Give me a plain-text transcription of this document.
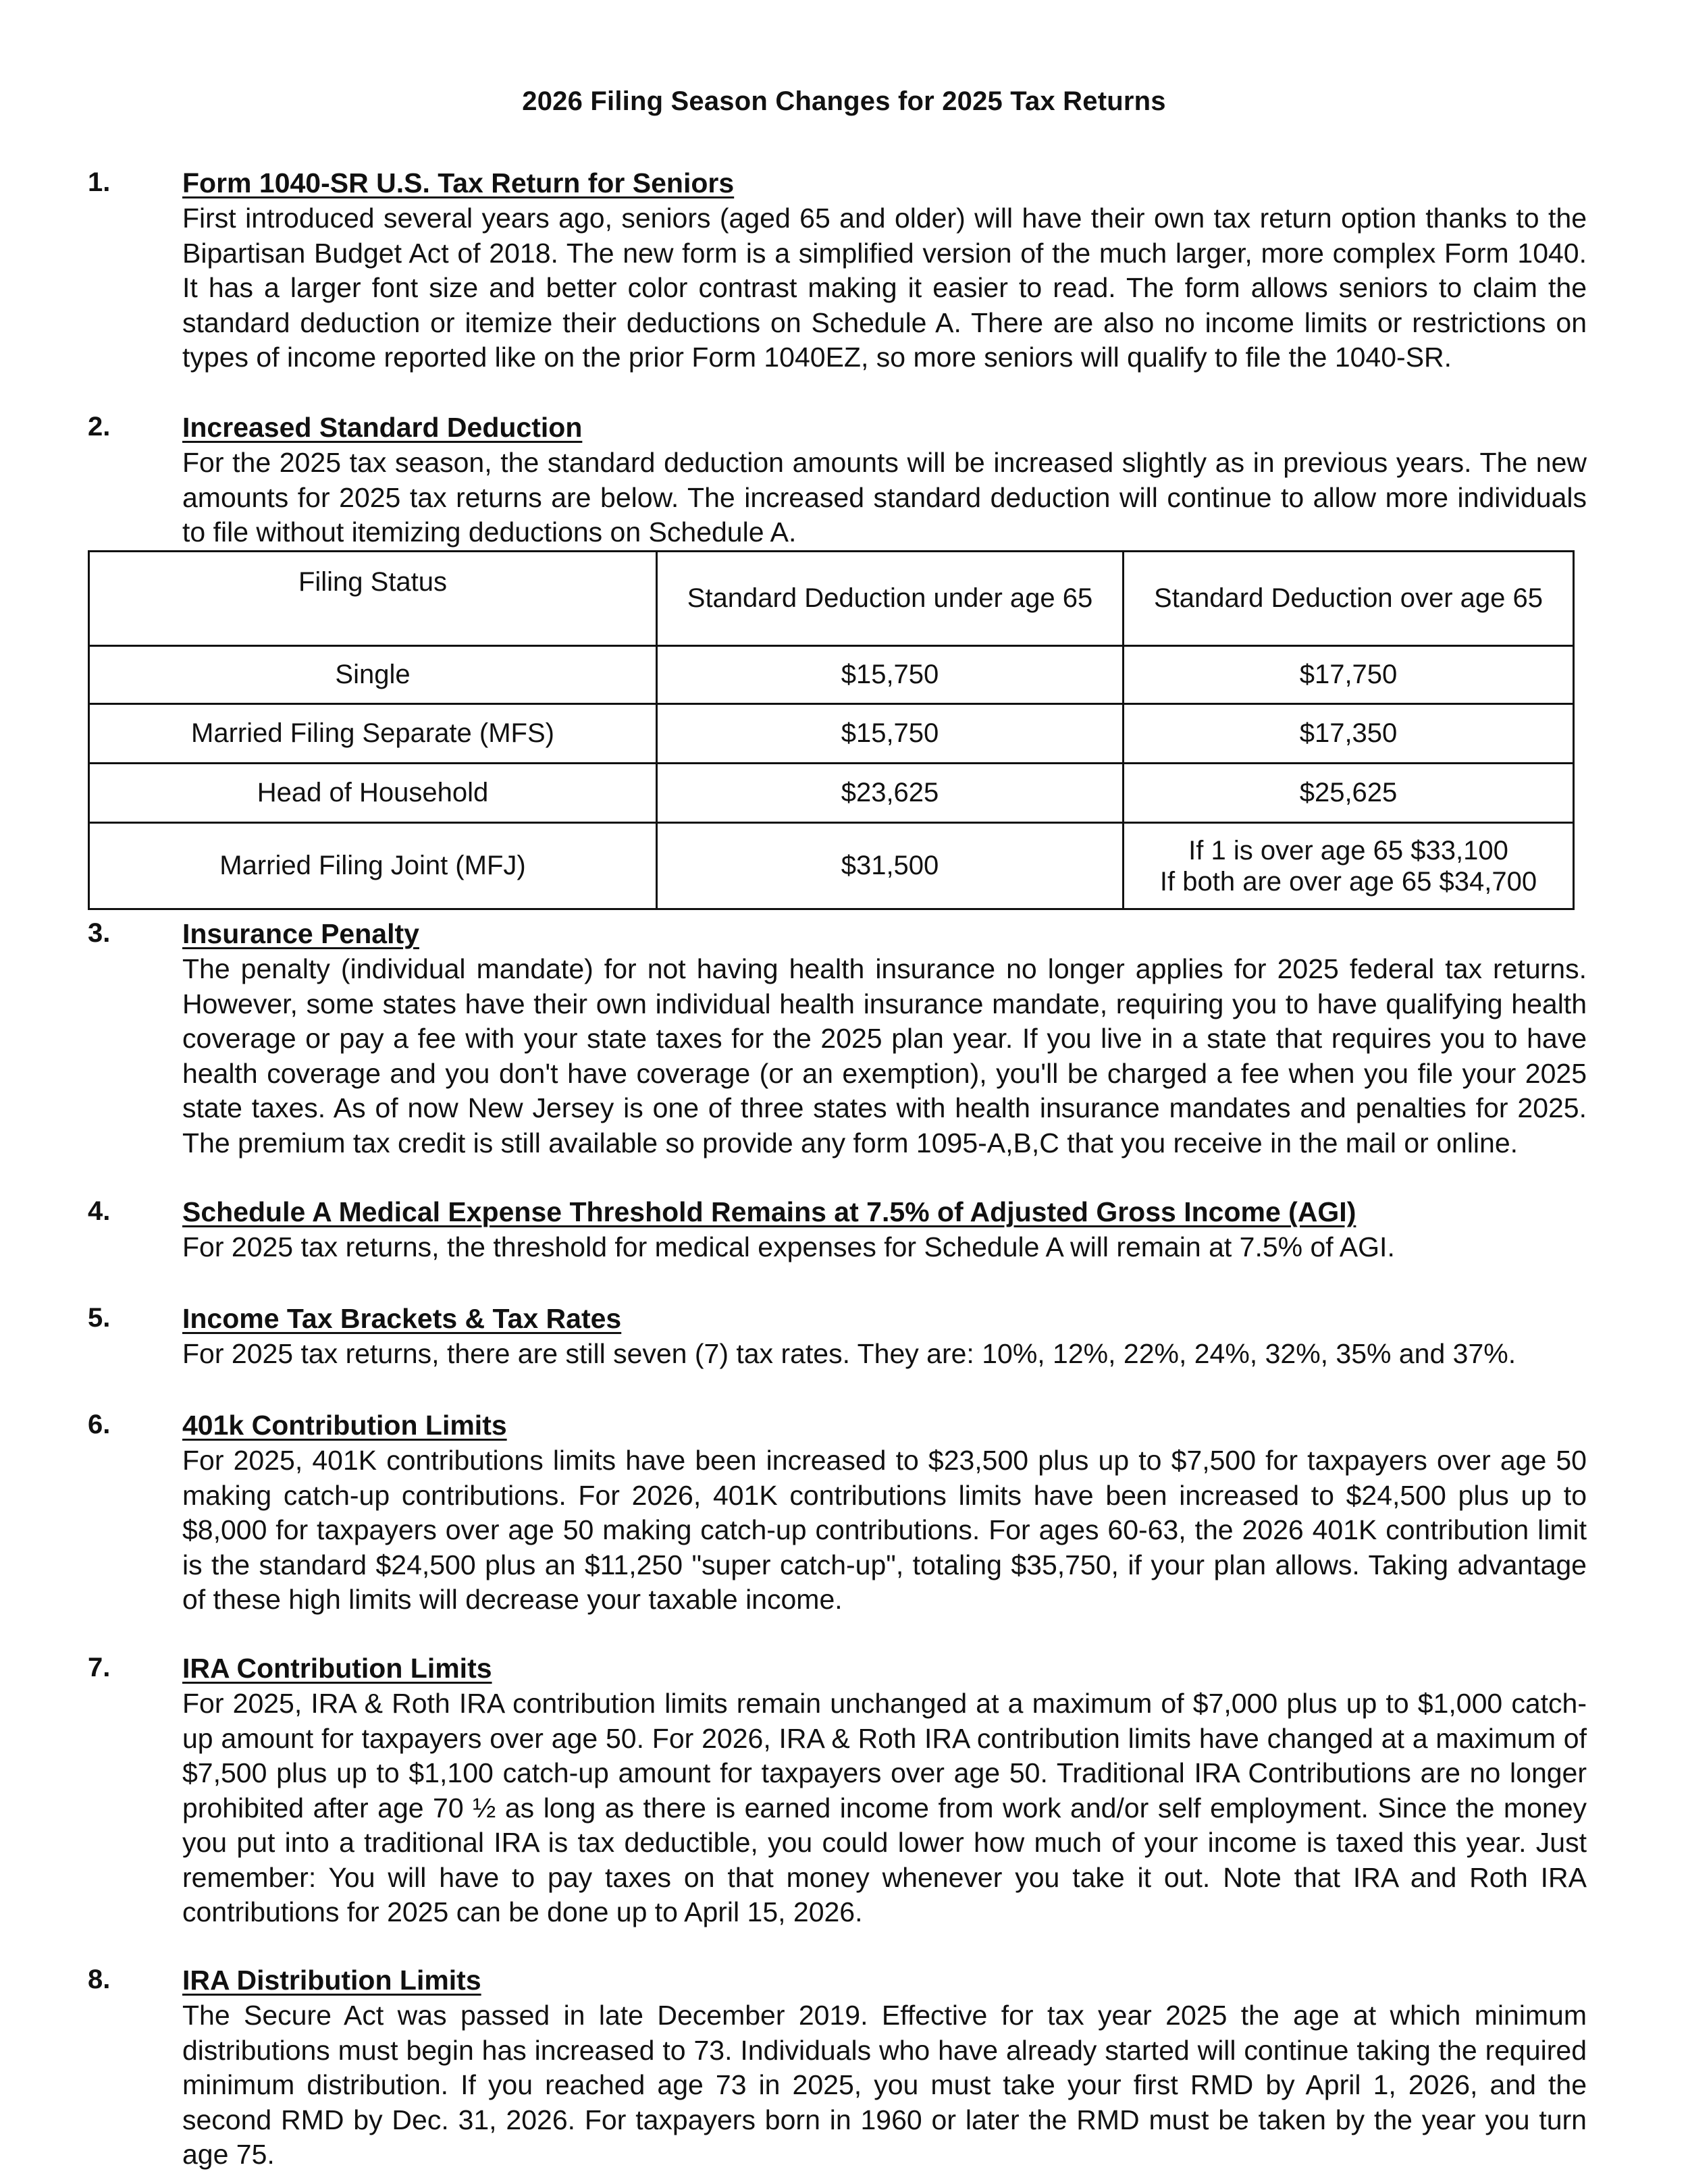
2026 Filing Season Changes for 2025 Tax Returns
1.	Form 1040-SR U.S. Tax Return for Seniors
First introduced several years ago, seniors (aged 65 and older) will have their own tax return option thanks to the Bipartisan Budget Act of 2018. The new form is a simplified version of the much larger, more complex Form 1040. It has a larger font size and better color contrast making it easier to read. The form allows seniors to claim the standard deduction or itemize their deductions on Schedule A. There are also no income limits or restrictions on types of income reported like on the prior Form 1040EZ, so more seniors will qualify to file the 1040-SR.
2.	Increased Standard Deduction
For the 2025 tax season, the standard deduction amounts will be increased slightly as in previous years. The new amounts for 2025 tax returns are below. The increased standard deduction will continue to allow more individuals to file without itemizing deductions on Schedule A.
Filing Status	Standard Deduction under age 65	Standard Deduction over age 65
Single	$15,750	$17,750
Married Filing Separate (MFS)	$15,750	$17,350
Head of Household	$23,625	$25,625
Married Filing Joint (MFJ)	$31,500	If 1 is over age 65 $33,100
If both are over age 65 $34,700
3.	Insurance Penalty
The penalty (individual mandate) for not having health insurance no longer applies for 2025 federal tax returns. However, some states have their own individual health insurance mandate, requiring you to have qualifying health coverage or pay a fee with your state taxes for the 2025 plan year. If you live in a state that requires you to have health coverage and you don't have coverage (or an exemption), you'll be charged a fee when you file your 2025 state taxes. As of now New Jersey is one of three states with health insurance mandates and penalties for 2025. The premium tax credit is still available so provide any form 1095-A,B,C that you receive in the mail or online.
4.	Schedule A Medical Expense Threshold Remains at 7.5% of Adjusted Gross Income (AGI)
For 2025 tax returns, the threshold for medical expenses for Schedule A will remain at 7.5% of AGI.
5.	Income Tax Brackets & Tax Rates
For 2025 tax returns, there are still seven (7) tax rates. They are: 10%, 12%, 22%, 24%, 32%, 35% and 37%.
6.	401k Contribution Limits
For 2025, 401K contributions limits have been increased to $23,500 plus up to $7,500 for taxpayers over age 50 making catch-up contributions. For 2026, 401K contributions limits have been increased to $24,500 plus up to $8,000 for taxpayers over age 50 making catch-up contributions. For ages 60-63, the 2026 401K contribution limit is the standard $24,500 plus an $11,250 "super catch-up", totaling $35,750, if your plan allows. Taking advantage of these high limits will decrease your taxable income.
7.	IRA Contribution Limits
For 2025, IRA & Roth IRA contribution limits remain unchanged at a maximum of $7,000 plus up to $1,000 catch-up amount for taxpayers over age 50. For 2026, IRA & Roth IRA contribution limits have changed at a maximum of $7,500 plus up to $1,100 catch-up amount for taxpayers over age 50. Traditional IRA Contributions are no longer prohibited after age 70 ½ as long as there is earned income from work and/or self employment. Since the money you put into a traditional IRA is tax deductible, you could lower how much of your income is taxed this year. Just remember: You will have to pay taxes on that money whenever you take it out. Note that IRA and Roth IRA contributions for 2025 can be done up to April 15, 2026.
8.	IRA Distribution Limits
The Secure Act was passed in late December 2019. Effective for tax year 2025 the age at which minimum distributions must begin has increased to 73. Individuals who have already started will continue taking the required minimum distribution. If you reached age 73 in 2025, you must take your first RMD by April 1, 2026, and the second RMD by Dec. 31, 2026. For taxpayers born in 1960 or later the RMD must be taken by the year you turn age 75.
